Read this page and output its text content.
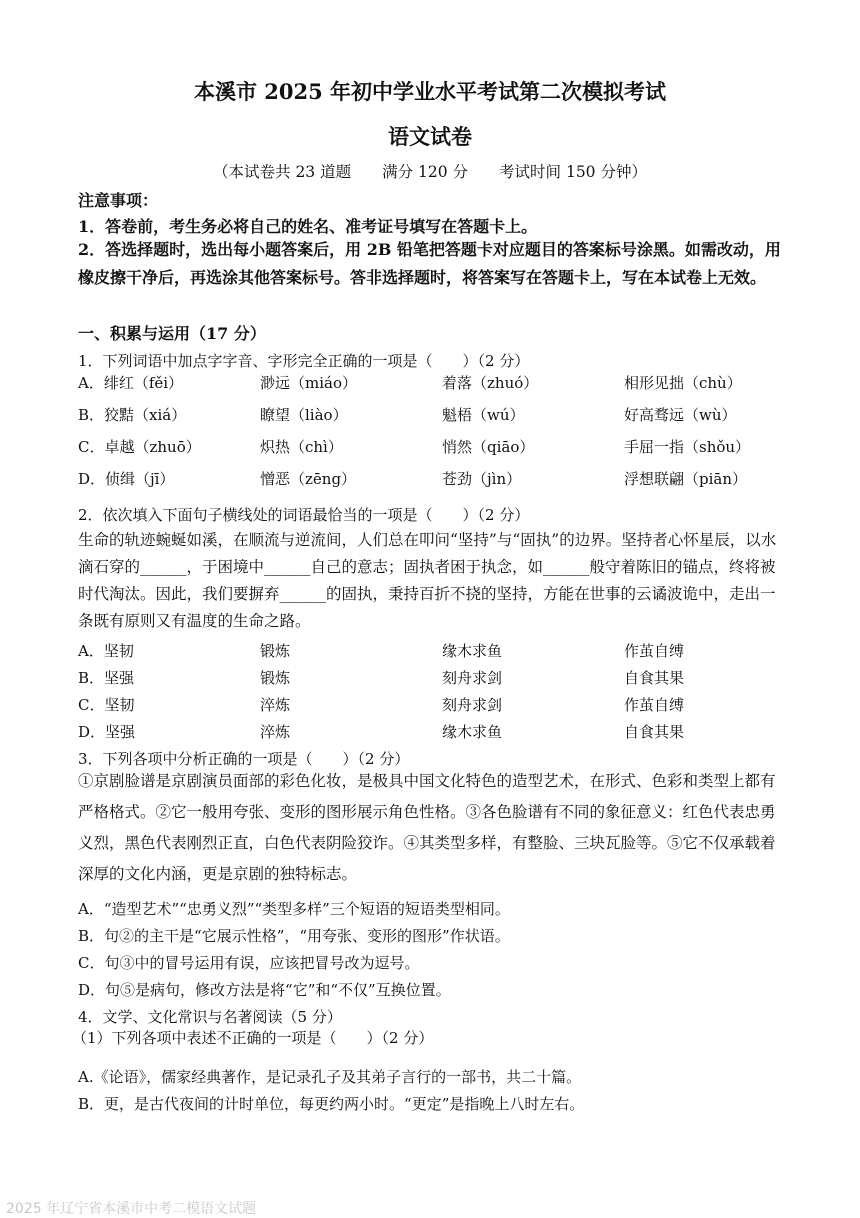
本溪市 2025 年初中学业水平考试第二次模拟考试
语文试卷
（本试卷共 23 道题　　满分 120 分　　考试时间 150 分钟）
注意事项：
1．答卷前，考生务必将自己的姓名、准考证号填写在答题卡上。
2．答选择题时，选出每小题答案后，用 2B 铅笔把答题卡对应题目的答案标号涂黑。如需改动，用橡皮擦干净后，再选涂其他答案标号。答非选择题时，将答案写在答题卡上，写在本试卷上无效。
一、积累与运用（17 分）
1．下列词语中加点字字音、字形完全正确的一项是（　　）（2 分）
A．绯红（fěi）	渺远（miáo）	着落（zhuó）	相形见拙（chù）
B．狡黠（xiá）	瞭望（liào）	魁梧（wú）	好高骛远（wù）
C．卓越（zhuō）	炽热（chì）	悄然（qiāo）	手屈一指（shǒu）
D．侦缉（jī）	憎恶（zēng）	苍劲（jìn）	浮想联翩（piān）
2．依次填入下面句子横线处的词语最恰当的一项是（　　）（2 分）
生命的轨迹蜿蜒如溪，在顺流与逆流间，人们总在叩问“坚持”与“固执”的边界。坚持者心怀星辰，以水滴石穿的______，于困境中______自己的意志；固执者困于执念，如______般守着陈旧的锚点，终将被时代淘汰。因此，我们要摒弃______的固执，秉持百折不挠的坚持，方能在世事的云谲波诡中，走出一条既有原则又有温度的生命之路。
A．坚韧	锻炼	缘木求鱼	作茧自缚
B．坚强	锻炼	刻舟求剑	自食其果
C．坚韧	淬炼	刻舟求剑	作茧自缚
D．坚强	淬炼	缘木求鱼	自食其果
3．下列各项中分析正确的一项是（　　）（2 分）
①京剧脸谱是京剧演员面部的彩色化妆，是极具中国文化特色的造型艺术，在形式、色彩和类型上都有严格格式。②它一般用夸张、变形的图形展示角色性格。③各色脸谱有不同的象征意义：红色代表忠勇义烈，黑色代表刚烈正直，白色代表阴险狡诈。④其类型多样，有整脸、三块瓦脸等。⑤它不仅承载着深厚的文化内涵，更是京剧的独特标志。
A．“造型艺术”“忠勇义烈”“类型多样”三个短语的短语类型相同。
B．句②的主干是“它展示性格”，“用夸张、变形的图形”作状语。
C．句③中的冒号运用有误，应该把冒号改为逗号。
D．句⑤是病句，修改方法是将“它”和“不仅”互换位置。
4．文学、文化常识与名著阅读（5 分）
（1）下列各项中表述不正确的一项是（　　）（2 分）
A.《论语》，儒家经典著作，是记录孔子及其弟子言行的一部书，共二十篇。
B．更，是古代夜间的计时单位，每更约两小时。“更定”是指晚上八时左右。
2025 年辽宁省本溪市中考二模语文试题
